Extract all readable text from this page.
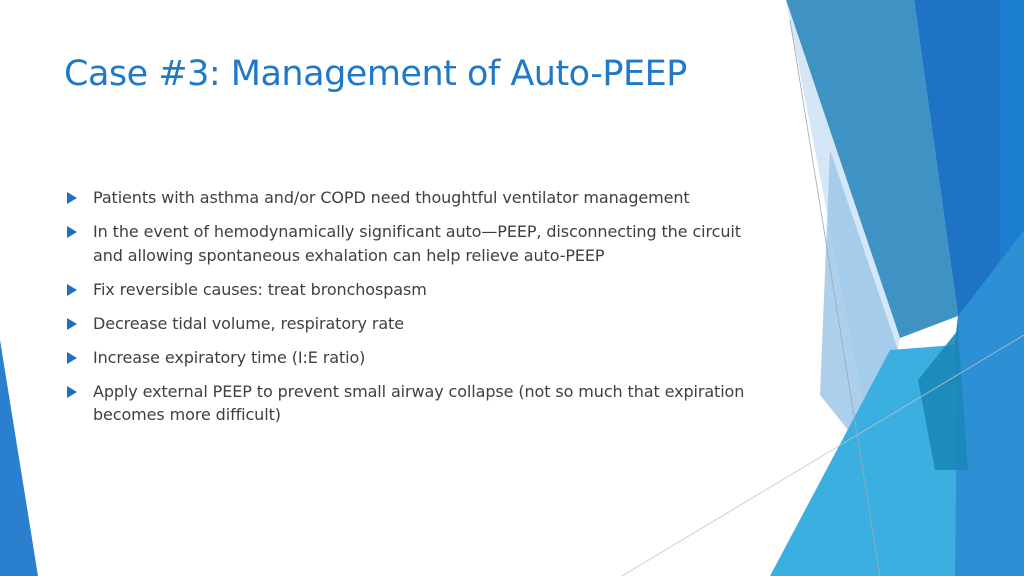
Case #3: Management of Auto-PEEP
Patients with asthma and/or COPD need thoughtful ventilator management
In the event of hemodynamically significant auto—PEEP, disconnecting the circuit and allowing spontaneous exhalation can help relieve auto-PEEP
Fix reversible causes: treat bronchospasm
Decrease tidal volume, respiratory rate
Increase expiratory time (I:E ratio)
Apply external PEEP to prevent small airway collapse (not so much that expiration becomes more difficult)
